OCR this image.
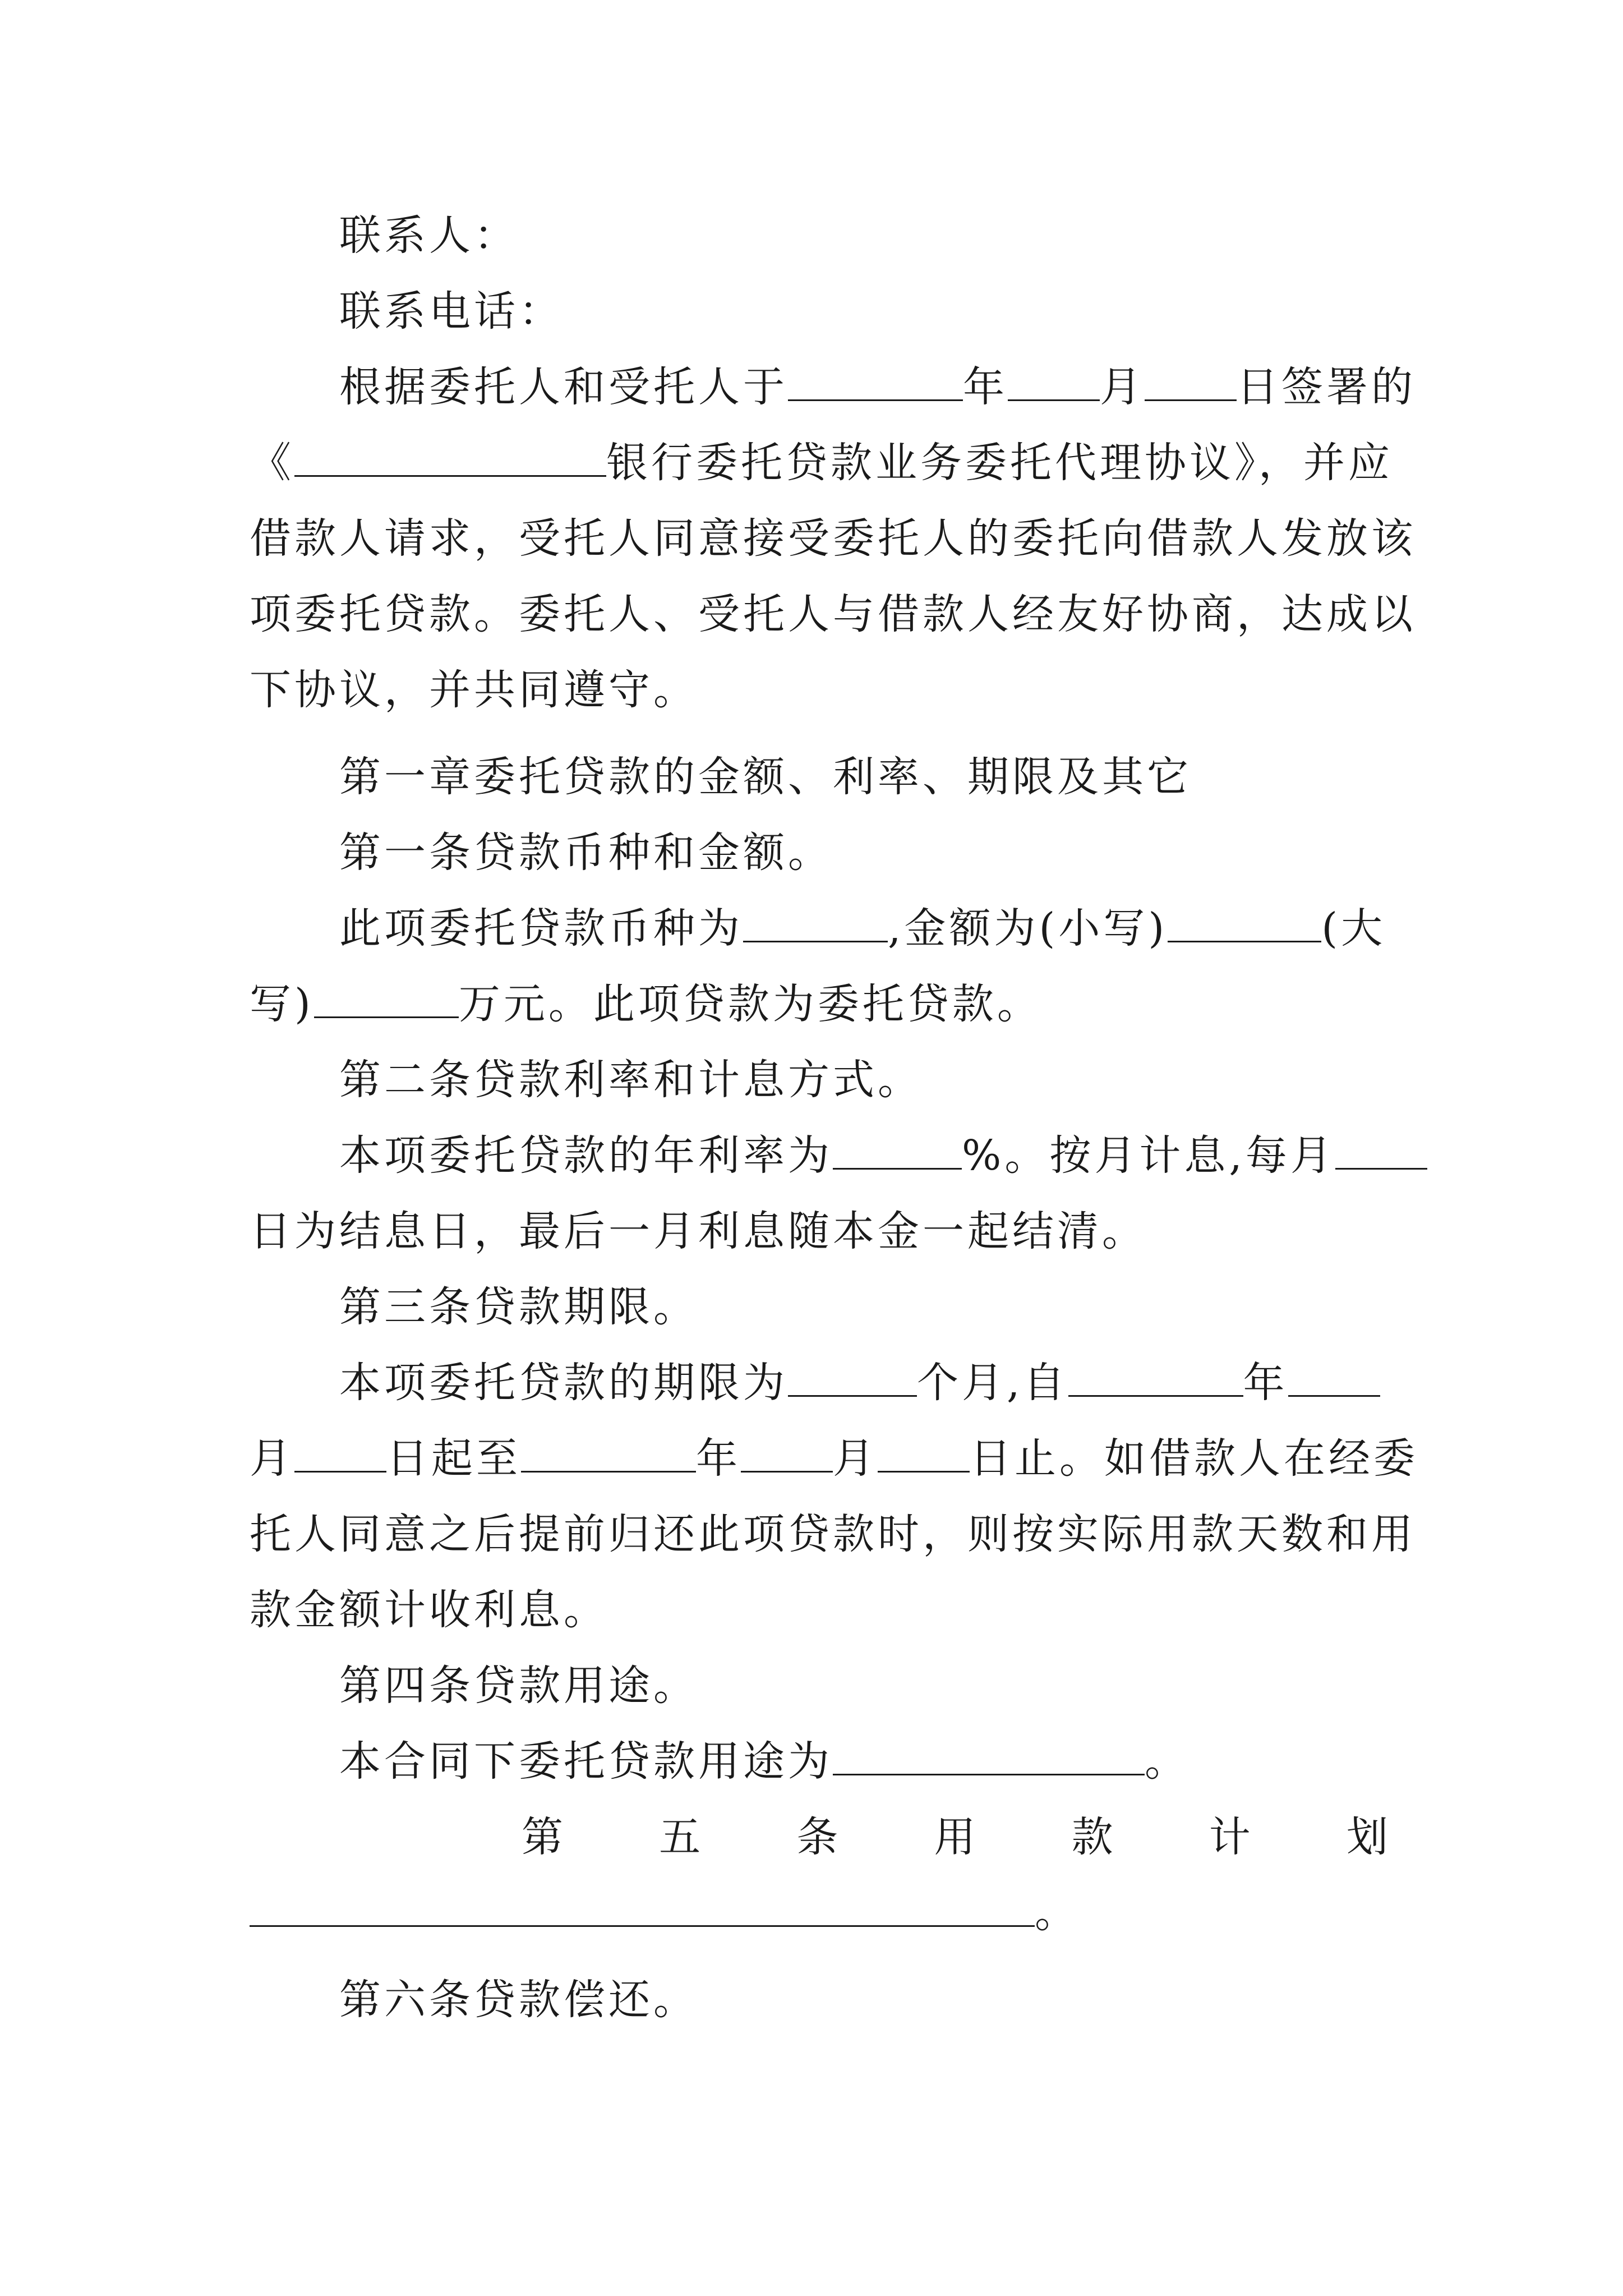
联系人：
联系电话：
根据委托人和受托人于	年 月 日签署的
《	银行委托贷款业务委托代理协议》，并应
借款人请求，受托人同意接受委托人的委托向借款人发放该
项委托贷款。委托人、受托人与借款人经友好协商，达成以
下协议，并共同遵守。
第一章委托贷款的金额、利率、期限及其它
第一条贷款币种和金额。
此项委托贷款币种为	,金额为(小写)	(大
写)	万元。此项贷款为委托贷款。
第二条贷款利率和计息方式。
本项委托贷款的年利率为	%。按月计息,每月
日为结息日，最后一月利息随本金一起结清。
第三条贷款期限。
本项委托贷款的期限为	个月,自	年
月 日起至	年 月 日止。如借款人在经委
托人同意之后提前归还此项贷款时，则按实际用款天数和用
款金额计收利息。
第四条贷款用途。
本合同下委托贷款用途为	。
第 五 条 用 款 计 划
。
第六条贷款偿还。
